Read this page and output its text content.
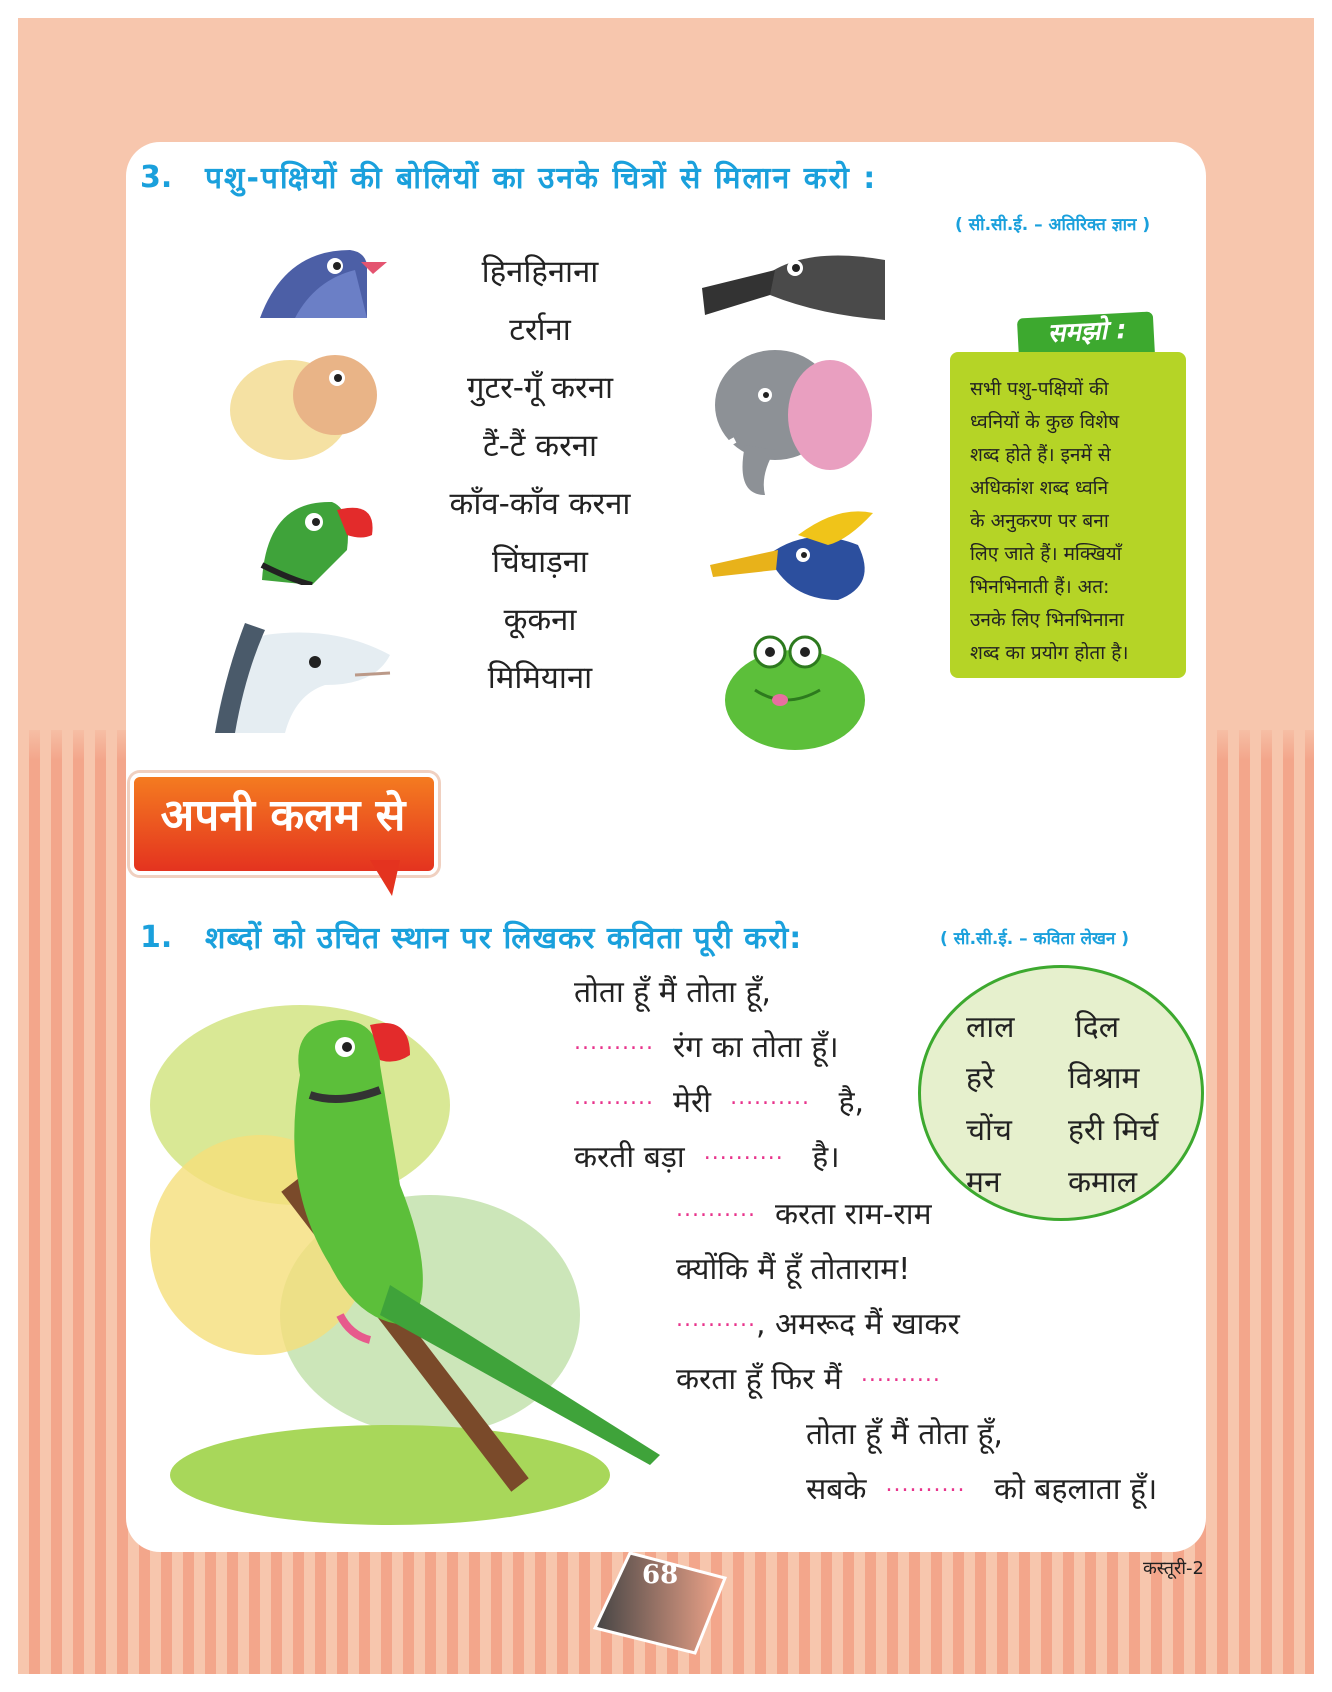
3. पशु-पक्षियों की बोलियों का उनके चित्रों से मिलान करो :
( सी.सी.ई. – अतिरिक्त ज्ञान )
हिनहिनाना
टर्राना
गुटर-गूँ करना
टैं-टैं करना
काँव-काँव करना
चिंघाड़ना
कूकना
मिमियाना
समझो :
सभी पशु-पक्षियों की
ध्वनियों के कुछ विशेष
शब्द होते हैं। इनमें से
अधिकांश शब्द ध्वनि
के अनुकरण पर बना
लिए जाते हैं। मक्खियाँ
भिनभिनाती हैं। अत:
उनके लिए भिनभिनाना
शब्द का प्रयोग होता है।
अपनी कलम से
1. शब्दों को उचित स्थान पर लिखकर कविता पूरी करो:	( सी.सी.ई. – कविता लेखन )
तोता हूँ मैं तोता हूँ,
.......... रंग का तोता हूँ।
.......... मेरी .......... है,
करती बड़ा .......... है।
.......... करता राम-राम
क्योंकि मैं हूँ तोताराम!
.........., अमरूद मैं खाकर
करता हूँ फिर मैं ..........
तोता हूँ मैं तोता हूँ,
सबके .......... को बहलाता हूँ।
लाल दिल
हरे विश्राम
चोंच हरी मिर्च
मन कमाल
कस्तूरी-2
68
